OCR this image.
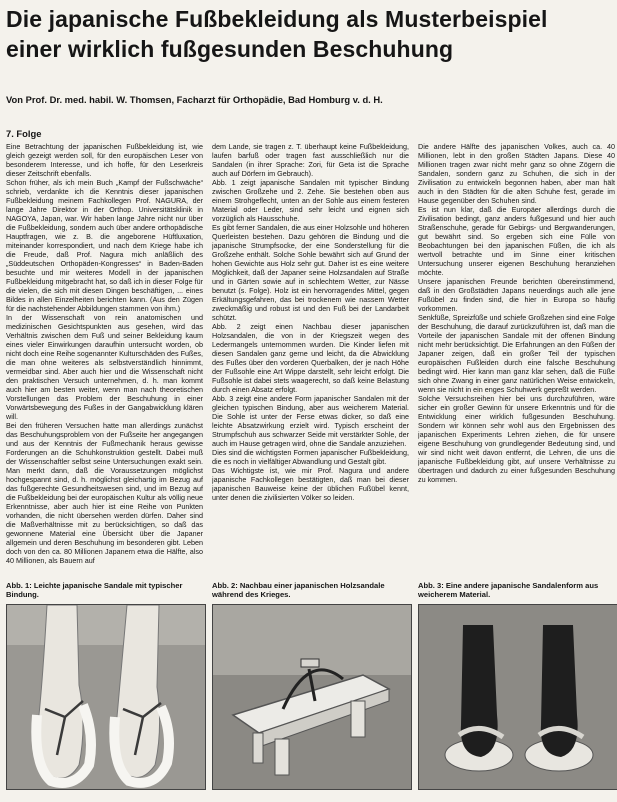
Die japanische Fußbekleidung als Musterbeispiel
einer wirklich fußgesunden Beschuhung
Von Prof. Dr. med. habil. W. Thomsen, Facharzt für Orthopädie, Bad Homburg v. d. H.
7. Folge

Eine Betrachtung der japanischen Fußbekleidung ist, wie gleich gezeigt werden soll, für den europäischen Leser von besonderem Interesse, und ich hoffe, für den Leserkreis dieser Zeitschrift ebenfalls.

Schon früher, als ich mein Buch „Kampf der Fußschwäche“ schrieb, verdankte ich die Kenntnis dieser japanischen Fußbekleidung meinem Fachkollegen Prof. NAGURA, der lange Jahre Direktor in der Orthop. Universitätsklinik in NAGOYA, Japan, war. Wir haben lange Jahre nicht nur über die Fußbekleidung, sondern auch über andere orthopädische Hauptfragen, wie z. B. die angeborene Hüftluxation, miteinander korrespondiert, und nach dem Kriege habe ich die Freude, daß Prof. Nagura mich anläßlich des „Süddeutschen Orthopäden-Kongresses“ in Baden-Baden besuchte und mir weiteres Modell in der japanischen Fußbekleidung mitgebracht hat, so daß ich in dieser Folge für die vielen, die sich mit diesen Dingen beschäftigen, ... eines Bildes in allen Einzelheiten berichten kann. (Aus den Zügen für die nachstehender Abbildungen stammen von ihm.)

In der Wissenschaft von rein anatomischen und medizinischen Gesichtspunkten aus gesehen, wird das Verhältnis zwischen dem Fuß und seiner Bekleidung kaum eines vieler Einwirkungen daraufhin untersucht worden, ob nicht doch eine Reihe sogenannter Kulturschäden des Fußes, die man ohne weiteres als selbstverständlich hinnimmt, vermeidbar sind. Aber auch hier und die Wissenschaft nicht den praktischen Versuch unternehmen, d. h. man kommt auch hier am besten weiter, wenn man nach theoretischen Vorstellungen das Problem der Beschuhung in einer Vorwärtsbewegung des Fußes in der Gangabwicklung klären will.

Bei den früheren Versuchen hatte man allerdings zunächst das Beschuhungsproblem von der Fußseite her angegangen und aus der Kenntnis der Fußmechanik heraus gewisse Forderungen an die Schuhkonstruktion gestellt. Dabei muß der Wissenschaftler selbst seine Untersuchungen exakt sein. Man merkt dann, daß die Voraussetzungen möglichst hochgespannt sind, d. h. möglichst gleichartig im Bezug auf das fußgerechte Gesundheitswesen sind, und im Bezug auf die Fußbekleidung bei der europäischen Kultur als völlig neue Erkenntnisse, aber auch hier ist eine Reihe von Punkten vorhanden, die nicht übersehen werden dürfen. Daher sind die Maßverhältnisse mit zu berücksichtigen, so daß das gewonnene Material eine Übersicht über die Japaner allgemein und deren Beschuhung im besonderen gibt. Leben doch von den ca. 80 Millionen Japanern etwa die Hälfte, also 40 Millionen, als Bauern auf

dem Lande, sie tragen z. T. überhaupt keine Fußbekleidung, laufen barfuß oder tragen fast ausschließlich nur die Sandalen (in ihrer Sprache: Zori, für Geta ist die Sprache auch auf Dörfern im Gebrauch).

Abb. 1 zeigt japanische Sandalen mit typischer Bindung zwischen Großzehe und 2. Zehe. Sie bestehen oben aus einem Strohgeflecht, unten an der Sohle aus einem festeren Material oder Leder, sind sehr leicht und eignen sich vorzüglich als Hausschuhe.

Es gibt ferner Sandalen, die aus einer Holzsohle und höheren Querleisten bestehen. Dazu gehören die Bindung und die japanische Strumpfsocke, der eine Sonderstellung für die Großzehe enthält. Solche Sohle bewährt sich auf Grund der hohen Gewichte aus Holz sehr gut. Daher ist es eine weitere Möglichkeit, daß der Japaner seine Holzsandalen auf Straße und in Gärten sowie auf in schlechtem Wetter, zur Nässe benutzt (s. Folge). Holz ist ein hervorragendes Mittel, gegen Erkältungsgefahren, das bei trockenem wie nassem Wetter zweckmäßig und robust ist und den Fuß bei der Landarbeit schützt.

Abb. 2 zeigt einen Nachbau dieser japanischen Holzsandalen, die von in der Kriegszeit wegen des Ledermangels unternommen wurden. Die Kinder liefen mit diesen Sandalen ganz gerne und leicht, da die Abwicklung des Fußes über den vorderen Querbalken, der je nach Höhe der Fußsohle eine Art Wippe darstellt, sehr leicht erfolgt. Die Fußsohle ist dabei stets waagerecht, so daß keine Belastung durch einen Absatz erfolgt.

Abb. 3 zeigt eine andere Form japanischer Sandalen mit der gleichen typischen Bindung, aber aus weicherem Material. Die Sohle ist unter der Ferse etwas dicker, so daß eine leichte Absatzwirkung erzielt wird. Typisch erscheint der Strumpfschuh aus schwarzer Seide mit verstärkter Sohle, der auch im Hause getragen wird, ohne die Sandale anzuziehen.

Dies sind die wichtigsten Formen japanischer Fußbekleidung, die es noch in vielfältiger Abwandlung und Gestalt gibt.

Das Wichtigste ist, wie mir Prof. Nagura und andere japanische Fachkollegen bestätigten, daß man bei dieser japanischen Bauweise keine der üblichen Fußübel kennt, unter denen die zivilisierten Völker so leiden.

Die andere Hälfte des japanischen Volkes, auch ca. 40 Millionen, lebt in den großen Städten Japans. Diese 40 Millionen tragen zwar nicht mehr ganz so ohne Zögern die Sandalen, sondern ganz zu Schuhen, die sich in der Zivilisation zu entwickeln begonnen haben, aber man hält auch in den Städten für die alten Schuhe fest, gerade im Hause gegenüber den Schuhen sind.

Es ist nun klar, daß die Europäer allerdings durch die Zivilisation bedingt, ganz anders fußgesund und hier auch Straßenschuhe, gerade für Gebirgs- und Bergwanderungen, gut bewährt sind. So ergeben sich eine Fülle von Beobachtungen bei den japanischen Füßen, die ich als wertvoll betrachte und im Sinne einer kritischen Untersuchung unserer eigenen Beschuhung heranziehen möchte.

Unsere japanischen Freunde berichten übereinstimmend, daß in den Großstädten Japans neuerdings auch alle jene Fußübel zu finden sind, die hier in Europa so häufig vorkommen.

Senkfüße, Spreizfüße und schiefe Großzehen sind eine Folge der Beschuhung, die darauf zurückzuführen ist, daß man die Vorteile der japanischen Sandale mit der offenen Bindung nicht mehr berücksichtigt. Die Erfahrungen an den Füßen der Japaner zeigen, daß ein großer Teil der typischen europäischen Fußleiden durch eine falsche Beschuhung bedingt wird. Hier kann man ganz klar sehen, daß die Füße sich ohne Zwang in einer ganz natürlichen Weise entwickeln, wenn sie nicht in ein enges Schuhwerk gepreßt werden.

Solche Versuchsreihen hier bei uns durchzuführen, wäre sicher ein großer Gewinn für unsere Erkenntnis und für die Entwicklung einer wirklich fußgesunden Beschuhung. Sondern wir können sehr wohl aus den Ergebnissen des japanischen Experiments Lehren ziehen, die für unsere eigene Beschuhung von grundlegender Bedeutung sind, und wir sind nicht weit davon entfernt, die Lehren, die uns die japanische Fußbekleidung gibt, auf unsere Verhältnisse zu übertragen und dadurch zu einer fußgesunden Beschuhung zu kommen.

Abb. 1: Leichte japanische Sandale mit typischer Bindung.
Abb. 2: Nachbau einer japanischen Holzsandale während des Krieges.
Abb. 3: Eine andere japanische Sandalenform aus weicherem Material.
